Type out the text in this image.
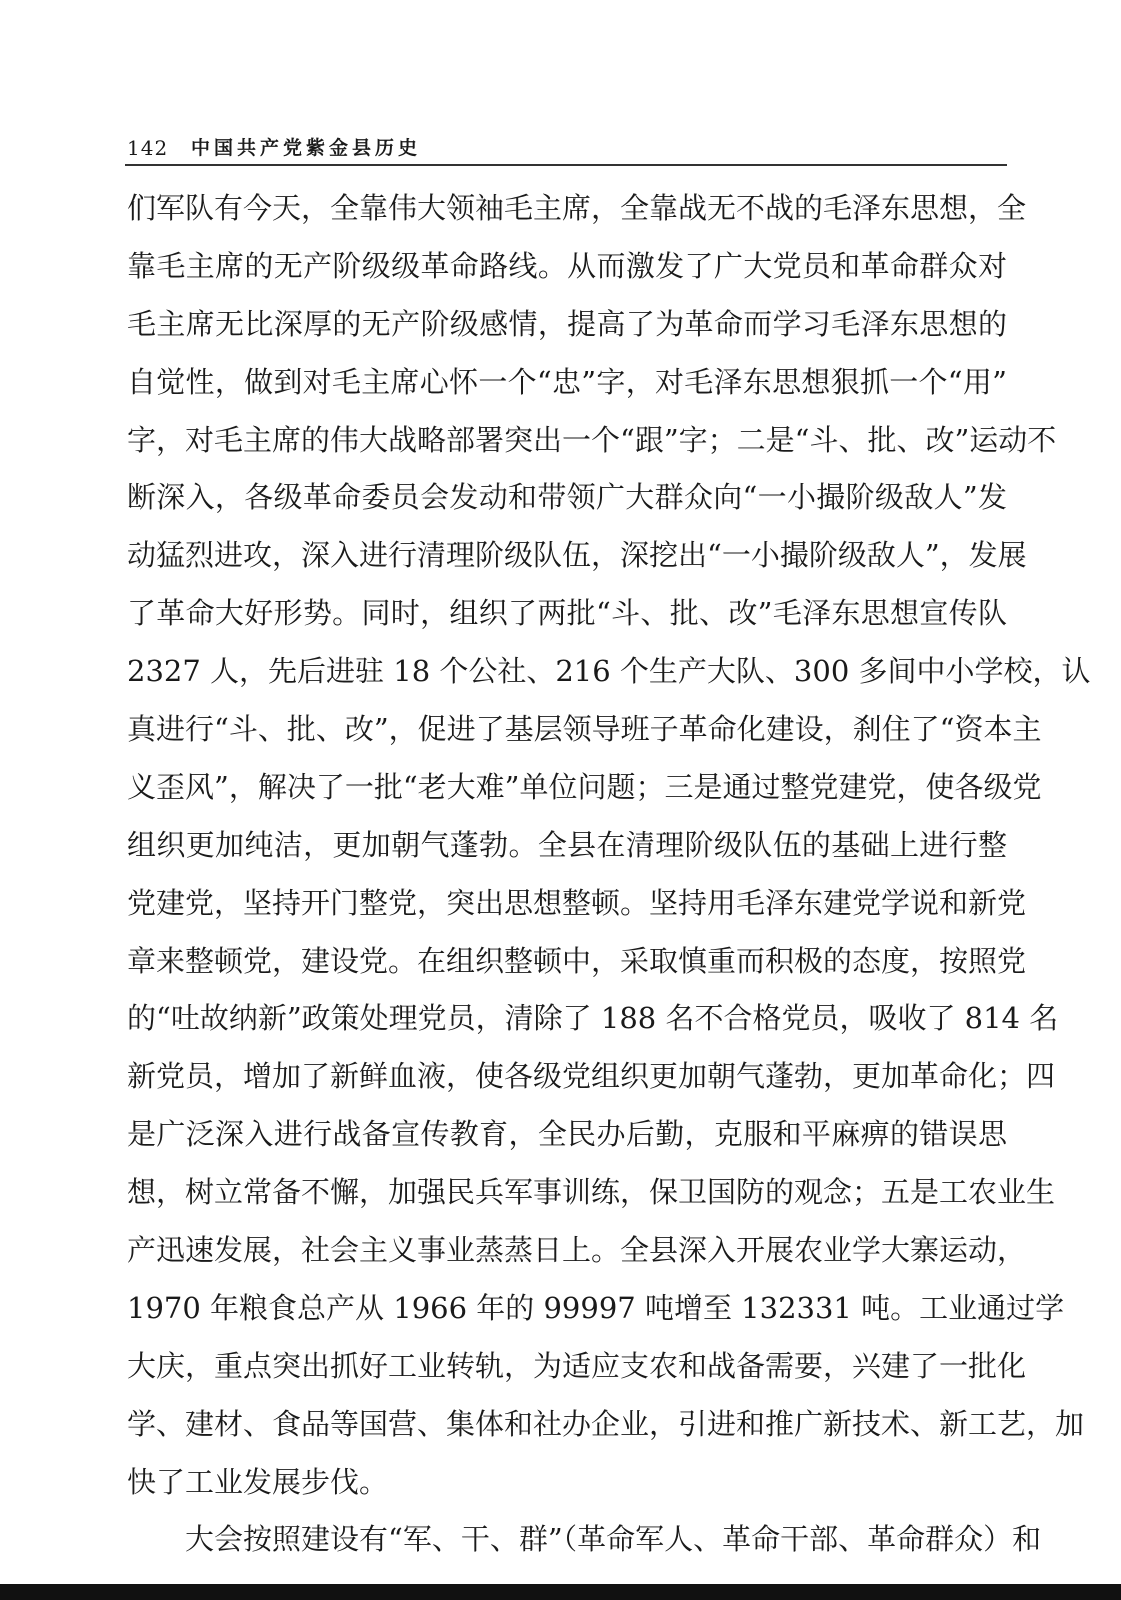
142 中国共产党紫金县历史
们军队有今天，全靠伟大领袖毛主席，全靠战无不战的毛泽东思想，全
靠毛主席的无产阶级级革命路线。从而激发了广大党员和革命群众对
毛主席无比深厚的无产阶级感情，提高了为革命而学习毛泽东思想的
自觉性，做到对毛主席心怀一个“忠”字，对毛泽东思想狠抓一个“用”
字，对毛主席的伟大战略部署突出一个“跟”字；二是“斗、批、改”运动不
断深入，各级革命委员会发动和带领广大群众向“一小撮阶级敌人”发
动猛烈进攻，深入进行清理阶级队伍，深挖出“一小撮阶级敌人”，发展
了革命大好形势。同时，组织了两批“斗、批、改”毛泽东思想宣传队
2327 人，先后进驻 18 个公社、216 个生产大队、300 多间中小学校，认
真进行“斗、批、改”，促进了基层领导班子革命化建设，刹住了“资本主
义歪风”，解决了一批“老大难”单位问题；三是通过整党建党，使各级党
组织更加纯洁，更加朝气蓬勃。全县在清理阶级队伍的基础上进行整
党建党，坚持开门整党，突出思想整顿。坚持用毛泽东建党学说和新党
章来整顿党，建设党。在组织整顿中，采取慎重而积极的态度，按照党
的“吐故纳新”政策处理党员，清除了 188 名不合格党员，吸收了 814 名
新党员，增加了新鲜血液，使各级党组织更加朝气蓬勃，更加革命化；四
是广泛深入进行战备宣传教育，全民办后勤，克服和平麻痹的错误思
想，树立常备不懈，加强民兵军事训练，保卫国防的观念；五是工农业生
产迅速发展，社会主义事业蒸蒸日上。全县深入开展农业学大寨运动，
1970 年粮食总产从 1966 年的 99997 吨增至 132331 吨。工业通过学
大庆，重点突出抓好工业转轨，为适应支农和战备需要，兴建了一批化
学、建材、食品等国营、集体和社办企业，引进和推广新技术、新工艺，加
快了工业发展步伐。
大会按照建设有“军、干、群”（革命军人、革命干部、革命群众）和
